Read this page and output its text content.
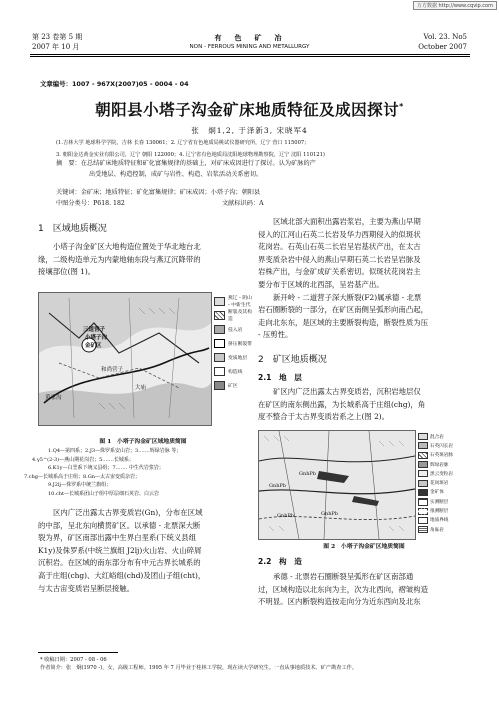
万方数据 http://www.cqvip.com
第 23 卷第 5 期
2007 年 10 月
有　色　矿　冶
NON - FERROUS MINING AND METALLURGY
Vol. 23. No5
October 2007
文章编号：1007 - 967X(2007)05 - 0004 - 04
朝阳县小塔子沟金矿床地质特征及成因探讨*
张　炯1,2, 于泽新3, 宋晓军4
(1.吉林大学 地球科学学院，吉林 长春 130061；2. 辽宁省有色地质局桃试仪器研究所，辽宁 营口 115007；
3. 朝阳金达黄金实业有限公司，辽宁 朝阳 122000；4. 辽宁省有色地质局沈阳地球物理勘察院，辽宁 沈阳 110121)
摘　要：在总结矿床地质特征和矿化富集规律的基础上，对矿床成因进行了探讨。认为矿脉的产
出受地层、构造控制，成矿与岩性、构造、岩浆活动关系密切。
关键词：金矿床；地质特征；矿化富集规律；矿床成因；小塔子沟；朝阳县
中图分类号：P618. 182	文献标识码：A
1　区域地质概况
小塔子沟金矿区大地构造位置处于华北地台北
缘，二级构造单元为内蒙地轴东段与燕辽沉降带的
接壤部位(图 1)。
三道营子
小塔子沟
金矿区
和尚营子
大庙
黄家沟
燕辽 - 阴山 - 中新生代
断裂及其构造
侵入岩
挤压断裂带
变质地层
构造线
矿区
图 1　小塔子沟金矿区域地质简图
1.Q4—第四系；2.J3—侏罗系安山岩；3.……辉绿岩脉 等；
4.γ5^(2-3)—燕山期花岗岩；5.……长城系；
6.K1y—白垩系下统义县组；7.…… 中生代岩浆岩；
7.chg—长城系高于庄组；8.Gn—太古宙变质杂岩；
9.J2lj—侏罗系中统兰旗组；
10.cht—长城系团山子组中厚层细石英岩、白云岩
区内广泛出露太古界变质岩(Gn)，分布在区域
的中部，呈北东向横贯矿区。以承德 - 北票深大断
裂为界，矿区南部出露中生界白垩系(下统义县组
K1y)及侏罗系(中统兰旗组 J2lj)火山岩、火山碎屑
沉积岩。在区域的南东部分布有中元古界长城系的
高于庄组(chg)、大红峪组(chd)及团山子组(cht)，
与太古宙变质岩呈断层接触。
区域北部大面积出露岩浆岩，主要为燕山早期
侵入的江河山石英二长岩及华力西期侵入的似斑状
花岗岩。石英山石英二长岩呈岩基状产出，在太古
界变质杂岩中侵入的燕山早期石英二长岩呈岩脉及
岩株产出，与金矿成矿关系密切。似斑状花岗岩主
要分布于区域的北西部，呈岩基产出。
新开岭 - 二道营子深大断裂(F2)属承德 - 北票
岩石圈断裂的一部分，在矿区南侧呈弧形向南凸起，
走向北东东，是区域的主要断裂构造，断裂性质为压
- 压剪性。
2　矿区地质概况
2.1　地　层
矿区内广泛出露太古界变质岩，沉积岩地层仅
在矿区的南东侧出露，为长城系高于庄组(chg)，角
度不整合于太古界变质岩系之上(图 2)。
GnhPb
GnhPb
GnhPb	GnhPb
混合岩
石英闪长岩
石英斑岩脉
辉绿岩脉
黑云变粒岩
花岗斑岩
金矿体
实测断层
推测断层
地质界线
角砾岩
图 2　小塔子沟金矿区地质简图
2.2　构　造
承德 - 北票岩石圈断裂呈弧形在矿区南部通
过，区域构造以北东向为主，次为北西向，褶皱构造
不明显。区内断裂构造按走向分为近东西向及北东
* 收稿日期：2007 - 08 - 06
作者简介：张　炯(1970 -)，女，高级工程师。1995 年 7 月毕业于桂林工学院，现在读大学研究生。一直从事地质技术、矿产勘查工作。
